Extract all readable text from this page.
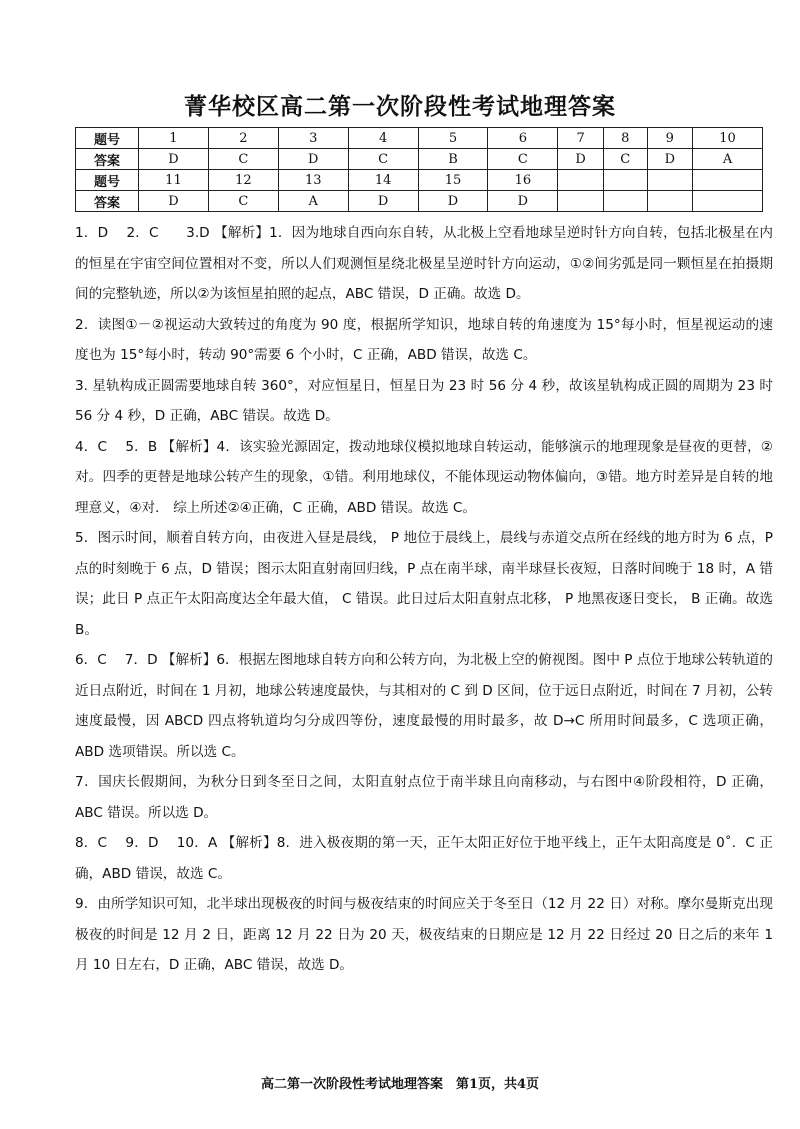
菁华校区高二第一次阶段性考试地理答案
题号	1	2	3	4	5	6	7	8	9	10
答案	D	C	D	C	B	C	D	C	D	A
题号	11	12	13	14	15	16				
答案	D	C	A	D	D	D				

1．D　 2．C　　3.D 【解析】1．因为地球自西向东自转，从北极上空看地球呈逆时针方向自转，包括北极星在内的恒星在宇宙空间位置相对不变，所以人们观测恒星绕北极星呈逆时针方向运动，①②间劣弧是同一颗恒星在拍摄期间的完整轨迹，所以②为该恒星拍照的起点，ABC 错误，D 正确。故选 D。

2．读图①－②视运动大致转过的角度为 90 度，根据所学知识，地球自转的角速度为 15°每小时，恒星视运动的速度也为 15°每小时，转动 90°需要 6 个小时，C 正确，ABD 错误，故选 C。

3. 星轨构成正圆需要地球自转 360°，对应恒星日，恒星日为 23 时 56 分 4 秒，故该星轨构成正圆的周期为 23 时 56 分 4 秒，D 正确，ABC 错误。故选 D。

4．C　 5．B 【解析】4．该实验光源固定，拨动地球仪模拟地球自转运动，能够演示的地理现象是昼夜的更替，②对。四季的更替是地球公转产生的现象，①错。利用地球仪，不能体现运动物体偏向，③错。地方时差异是自转的地理意义，④对． 综上所述②④正确，C 正确，ABD 错误。故选 C。

5．图示时间，顺着自转方向，由夜进入昼是晨线， P 地位于晨线上，晨线与赤道交点所在经线的地方时为 6 点，P 点的时刻晚于 6 点，D 错误；图示太阳直射南回归线，P 点在南半球，南半球昼长夜短，日落时间晚于 18 时，A 错误；此日 P 点正午太阳高度达全年最大值， C 错误。此日过后太阳直射点北移， P 地黑夜逐日变长， B 正确。故选 B。

6．C　 7．D 【解析】6．根据左图地球自转方向和公转方向，为北极上空的俯视图。图中 P 点位于地球公转轨道的近日点附近，时间在 1 月初，地球公转速度最快，与其相对的 C 到 D 区间，位于远日点附近，时间在 7 月初，公转速度最慢，因 ABCD 四点将轨道均匀分成四等份，速度最慢的用时最多，故 D→C 所用时间最多，C 选项正确，ABD 选项错误。所以选 C。

7．国庆长假期间，为秋分日到冬至日之间，太阳直射点位于南半球且向南移动，与右图中④阶段相符，D 正确，ABC 错误。所以选 D。

8．C　 9．D　 10．A 【解析】8．进入极夜期的第一天，正午太阳正好位于地平线上，正午太阳高度是 0˚．C 正确，ABD 错误，故选 C。

9．由所学知识可知，北半球出现极夜的时间与极夜结束的时间应关于冬至日（12 月 22 日）对称。摩尔曼斯克出现极夜的时间是 12 月 2 日，距离 12 月 22 日为 20 天，极夜结束的日期应是 12 月 22 日经过 20 日之后的来年 1 月 10 日左右，D 正确，ABC 错误，故选 D。

高二第一次阶段性考试地理答案　第1页，共4页
